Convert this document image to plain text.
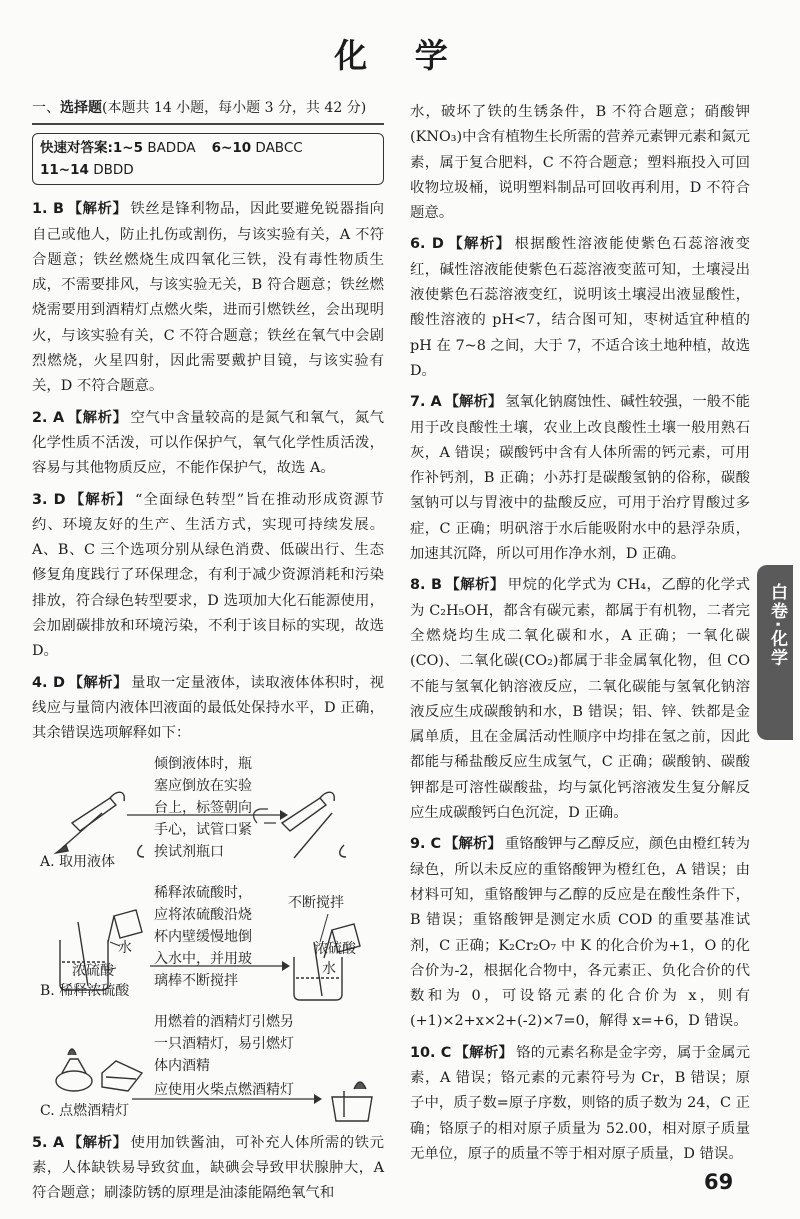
化 学
一、选择题(本题共 14 小题，每小题 3 分，共 42 分)
快速对答案:1~5 BADDA 6~10 DABCC
11~14 DBDD
1. B 【解析】 铁丝是锋利物品，因此要避免锐器指向自己或他人，防止扎伤或割伤，与该实验有关，A 不符合题意；铁丝燃烧生成四氧化三铁，没有毒性物质生成，不需要排风，与该实验无关，B 符合题意；铁丝燃烧需要用到酒精灯点燃火柴，进而引燃铁丝，会出现明火，与该实验有关，C 不符合题意；铁丝在氧气中会剧烈燃烧，火星四射，因此需要戴护目镜，与该实验有关，D 不符合题意。
2. A 【解析】 空气中含量较高的是氮气和氧气，氮气化学性质不活泼，可以作保护气，氧气化学性质活泼，容易与其他物质反应，不能作保护气，故选 A。
3. D 【解析】 “全面绿色转型”旨在推动形成资源节约、环境友好的生产、生活方式，实现可持续发展。A、B、C 三个选项分别从绿色消费、低碳出行、生态修复角度践行了环保理念，有利于减少资源消耗和污染排放，符合绿色转型要求，D 选项加大化石能源使用，会加剧碳排放和环境污染，不利于该目标的实现，故选 D。
4. D 【解析】 量取一定量液体，读取液体体积时，视线应与量筒内液体凹液面的最低处保持水平，D 正确，其余错误选项解释如下：
倾倒液体时，瓶
塞应倒放在实验
台上，标签朝向
手心，试管口紧
挨试剂瓶口
A. 取用液体
稀释浓硫酸时，
应将浓硫酸沿烧
杯内壁缓慢地倒
入水中，并用玻
璃棒不断搅拌
水
浓硫酸
不断搅拌
浓硫酸
水
B. 稀释浓硫酸
用燃着的酒精灯引燃另
一只酒精灯，易引燃灯
体内酒精
应使用火柴点燃酒精灯
C. 点燃酒精灯
5. A 【解析】 使用加铁酱油，可补充人体所需的铁元素，人体缺铁易导致贫血，缺碘会导致甲状腺肿大，A 符合题意；刷漆防锈的原理是油漆能隔绝氧气和
水，破坏了铁的生锈条件，B 不符合题意；硝酸钾(KNO₃)中含有植物生长所需的营养元素钾元素和氮元素，属于复合肥料，C 不符合题意；塑料瓶投入可回收物垃圾桶，说明塑料制品可回收再利用，D 不符合题意。
6. D 【解析】 根据酸性溶液能使紫色石蕊溶液变红，碱性溶液能使紫色石蕊溶液变蓝可知，土壤浸出液使紫色石蕊溶液变红，说明该土壤浸出液显酸性，酸性溶液的 pH<7，结合图可知，枣树适宜种植的 pH 在 7~8 之间，大于 7，不适合该土地种植，故选 D。
7. A 【解析】 氢氧化钠腐蚀性、碱性较强，一般不能用于改良酸性土壤，农业上改良酸性土壤一般用熟石灰，A 错误；碳酸钙中含有人体所需的钙元素，可用作补钙剂，B 正确；小苏打是碳酸氢钠的俗称，碳酸氢钠可以与胃液中的盐酸反应，可用于治疗胃酸过多症，C 正确；明矾溶于水后能吸附水中的悬浮杂质，加速其沉降，所以可用作净水剂，D 正确。
8. B 【解析】 甲烷的化学式为 CH₄，乙醇的化学式为 C₂H₅OH，都含有碳元素，都属于有机物，二者完全燃烧均生成二氧化碳和水，A 正确；一氧化碳(CO)、二氧化碳(CO₂)都属于非金属氧化物，但 CO 不能与氢氧化钠溶液反应，二氧化碳能与氢氧化钠溶液反应生成碳酸钠和水，B 错误；铝、锌、铁都是金属单质，且在金属活动性顺序中均排在氢之前，因此都能与稀盐酸反应生成氢气，C 正确；碳酸钠、碳酸钾都是可溶性碳酸盐，均与氯化钙溶液发生复分解反应生成碳酸钙白色沉淀，D 正确。
9. C 【解析】 重铬酸钾与乙醇反应，颜色由橙红转为绿色，所以未反应的重铬酸钾为橙红色，A 错误；由材料可知，重铬酸钾与乙醇的反应是在酸性条件下，B 错误；重铬酸钾是测定水质 COD 的重要基准试剂，C 正确；K₂Cr₂O₇ 中 K 的化合价为+1，O 的化合价为-2，根据化合物中，各元素正、负化合价的代数和为 0，可设铬元素的化合价为 x，则有(+1)×2+x×2+(-2)×7=0，解得 x=+6，D 错误。
10. C 【解析】 铬的元素名称是金字旁，属于金属元素，A 错误；铬元素的元素符号为 Cr，B 错误；原子中，质子数=原子序数，则铬的质子数为 24，C 正确；铬原子的相对原子质量为 52.00，相对原子质量无单位，原子的质量不等于相对原子质量，D 错误。
白卷·化学
69
